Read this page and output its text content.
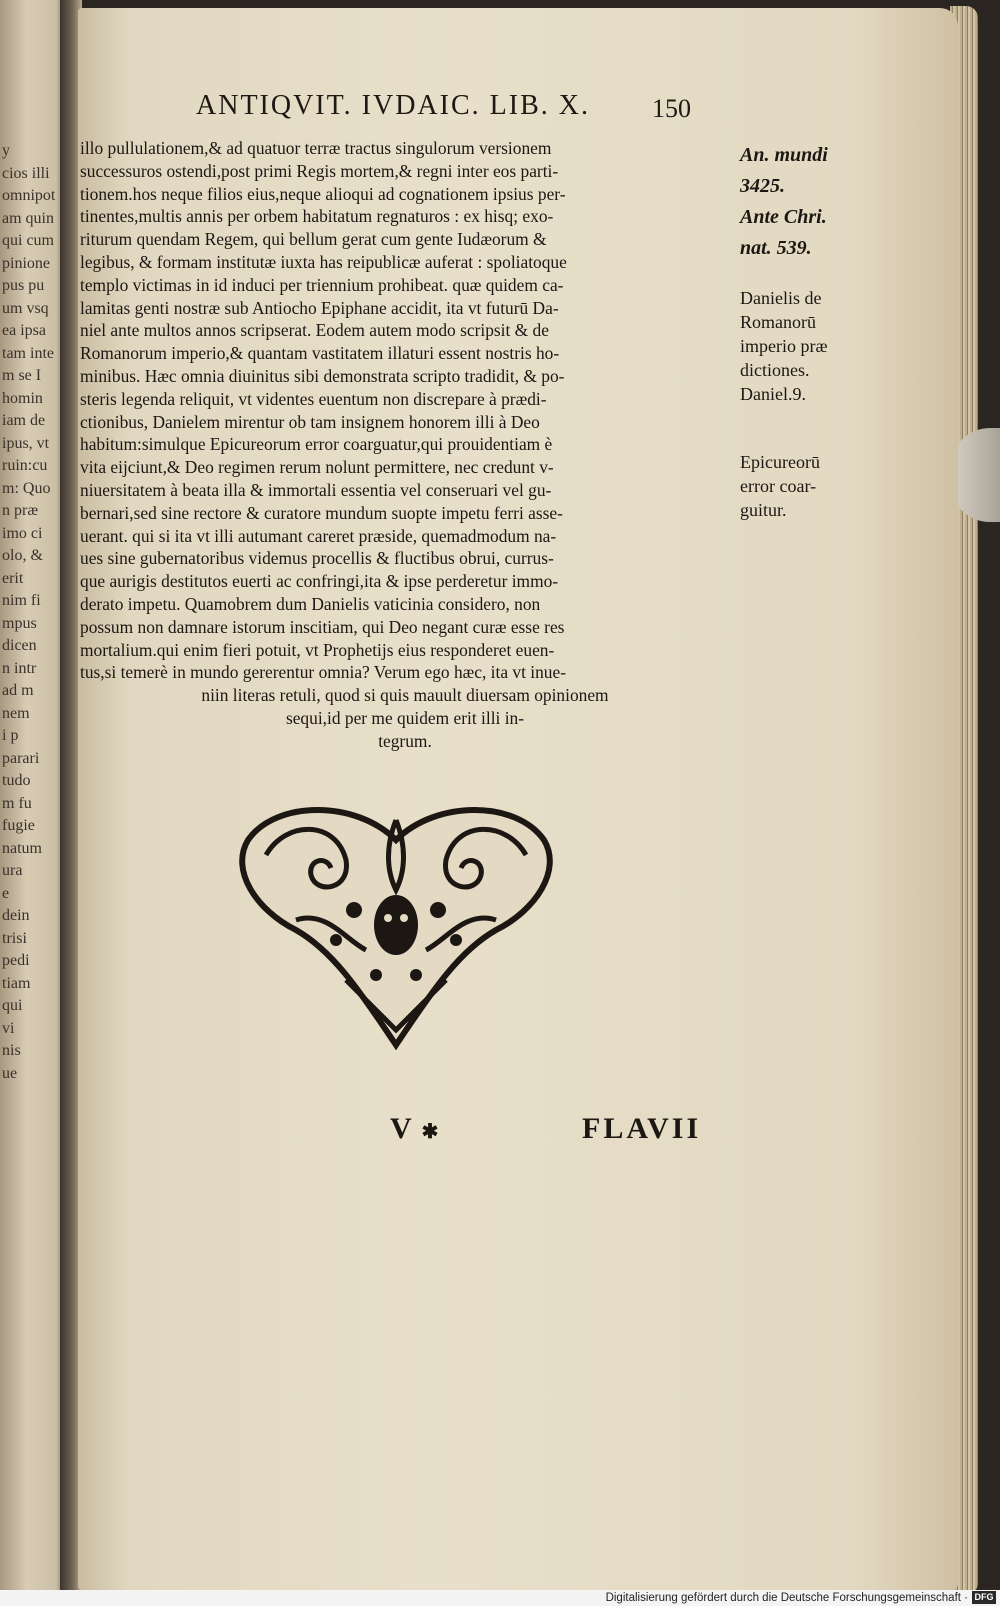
y
cios illi
omnipot
am quin
qui cum
pinione
pus pu
um vsq
ea ipsa
tam inte
m se I
homin
iam de
ipus, vt
ruin:cu
m: Quo
n præ
imo ci
olo, &
erit
nim fi
mpus
dicen
n intr
ad m
nem
i p
parari
tudo
m fu
fugie
natum
ura
e
dein
trisi
pedi
tiam
qui
vi
nis
ue
ANTIQVIT. IVDAIC. LIB. X. 150
illo pullulationem,& ad quatuor terræ tractus singulorum versionem
successuros ostendi,post primi Regis mortem,& regni inter eos parti-
tionem.hos neque filios eius,neque alioqui ad cognationem ipsius per-
tinentes,multis annis per orbem habitatum regnaturos : ex hisq; exo-
riturum quendam Regem, qui bellum gerat cum gente Iudæorum &
legibus, & formam institutæ iuxta has reipublicæ auferat : spoliatoque
templo victimas in id induci per triennium prohibeat. quæ quidem ca-
lamitas genti nostræ sub Antiocho Epiphane accidit, ita vt futurū Da-
niel ante multos annos scripserat. Eodem autem modo scripsit & de
Romanorum imperio,& quantam vastitatem illaturi essent nostris ho-
minibus. Hæc omnia diuinitus sibi demonstrata scripto tradidit, & po-
steris legenda reliquit, vt videntes euentum non discrepare à prædi-
ctionibus, Danielem mirentur ob tam insignem honorem illi à Deo
habitum:simulque Epicureorum error coarguatur,qui prouidentiam è
vita eijciunt,& Deo regimen rerum nolunt permittere, nec credunt v-
niuersitatem à beata illa & immortali essentia vel conseruari vel gu-
bernari,sed sine rectore & curatore mundum suopte impetu ferri asse-
uerant. qui si ita vt illi autumant careret præside, quemadmodum na-
ues sine gubernatoribus videmus procellis & fluctibus obrui, currus-
que aurigis destitutos euerti ac confringi,ita & ipse perderetur immo-
derato impetu. Quamobrem dum Danielis vaticinia considero, non
possum non damnare istorum inscitiam, qui Deo negant curæ esse res
mortalium.qui enim fieri potuit, vt Prophetijs eius responderet euen-
tus,si temerè in mundo gererentur omnia? Verum ego hæc, ita vt inue-
niin literas retuli, quod si quis mauult diuersam opinionem
sequi,id per me quidem erit illi in-
tegrum.
An. mundi
3425.
Ante Chri.
nat. 539.
Danielis de
Romanorū
imperio præ
dictiones.
Daniel.9.
Epicureorū
error coar-
guitur.
V ✱	FLAVII
Digitalisierung gefördert durch die Deutsche Forschungsgemeinschaft · DFG
